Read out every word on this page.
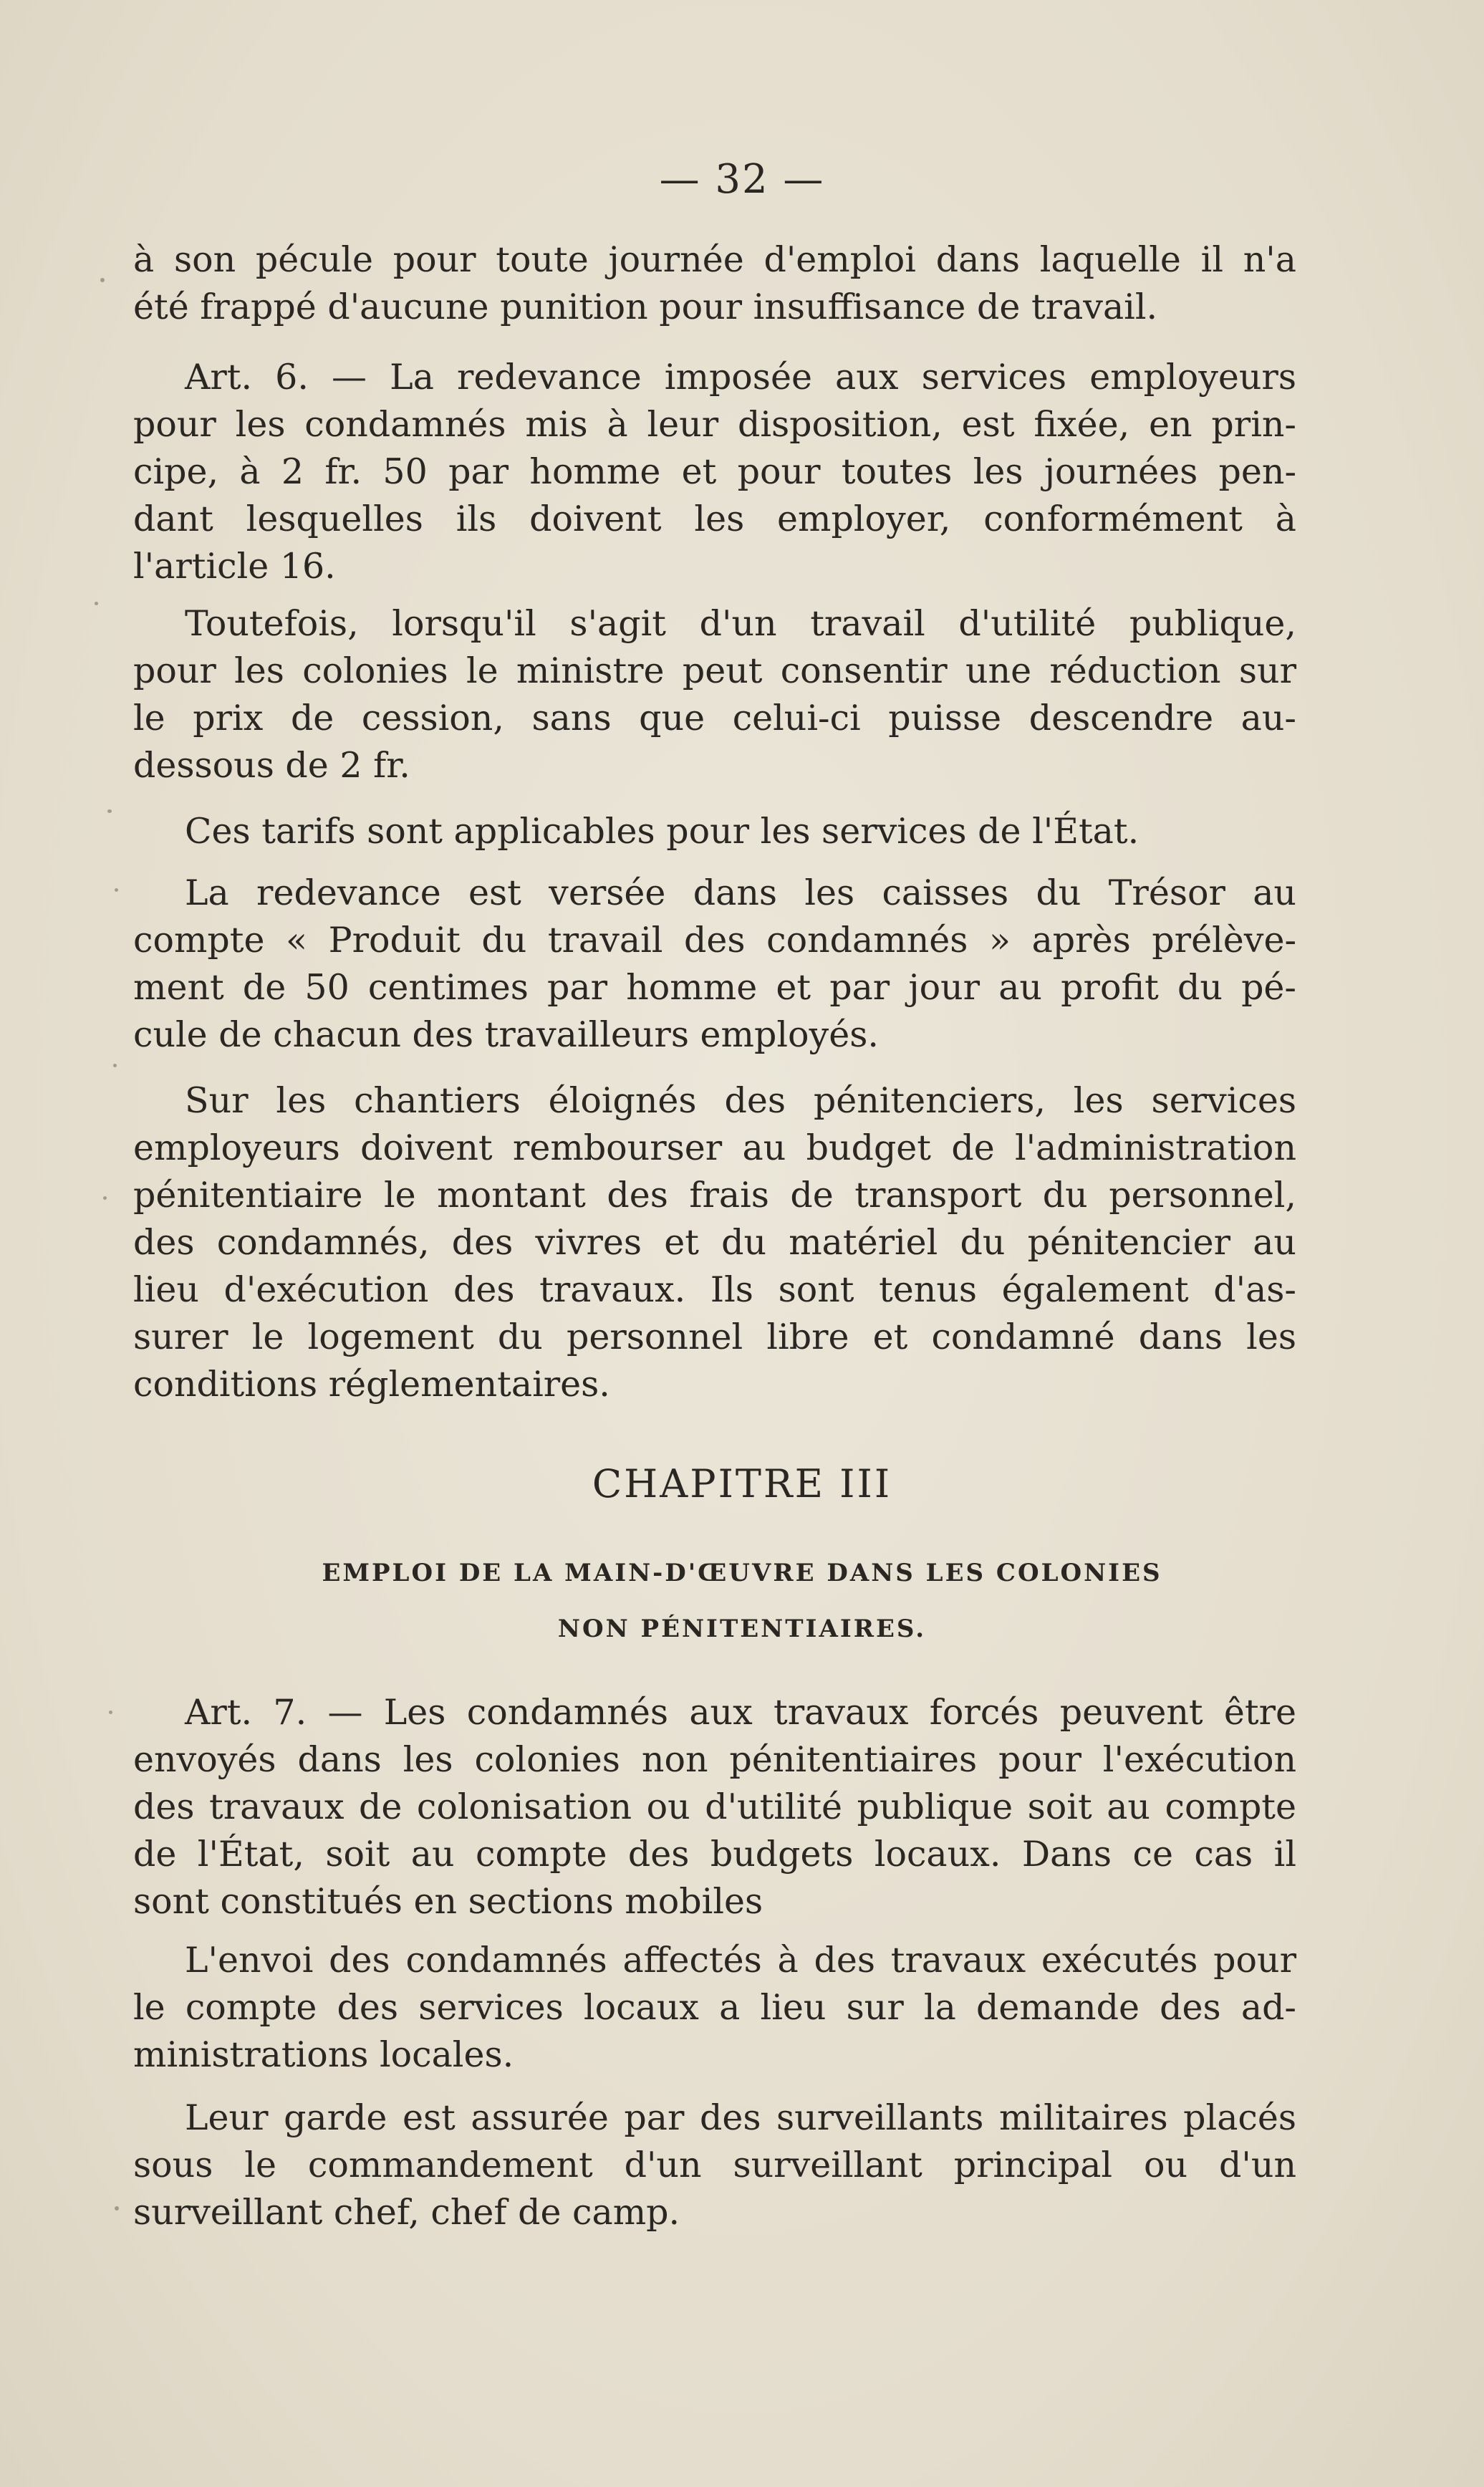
— 32 —
à son pécule pour toute journée d'emploi dans laquelle il n'a
été frappé d'aucune punition pour insuffisance de travail.
Art. 6. — La redevance imposée aux services employeurs
pour les condamnés mis à leur disposition, est fixée, en prin-
cipe, à 2 fr. 50 par homme et pour toutes les journées pen-
dant lesquelles ils doivent les employer, conformément à
l'article 16.
Toutefois, lorsqu'il s'agit d'un travail d'utilité publique,
pour les colonies le ministre peut consentir une réduction sur
le prix de cession, sans que celui-ci puisse descendre au-
dessous de 2 fr.
Ces tarifs sont applicables pour les services de l'État.
La redevance est versée dans les caisses du Trésor au
compte « Produit du travail des condamnés » après prélève-
ment de 50 centimes par homme et par jour au profit du pé-
cule de chacun des travailleurs employés.
Sur les chantiers éloignés des pénitenciers, les services
employeurs doivent rembourser au budget de l'administration
pénitentiaire le montant des frais de transport du personnel,
des condamnés, des vivres et du matériel du pénitencier au
lieu d'exécution des travaux. Ils sont tenus également d'as-
surer le logement du personnel libre et condamné dans les
conditions réglementaires.
CHAPITRE III
EMPLOI DE LA MAIN-D'ŒUVRE DANS LES COLONIES
NON PÉNITENTIAIRES.
Art. 7. — Les condamnés aux travaux forcés peuvent être
envoyés dans les colonies non pénitentiaires pour l'exécution
des travaux de colonisation ou d'utilité publique soit au compte
de l'État, soit au compte des budgets locaux. Dans ce cas il
sont constitués en sections mobiles
L'envoi des condamnés affectés à des travaux exécutés pour
le compte des services locaux a lieu sur la demande des ad-
ministrations locales.
Leur garde est assurée par des surveillants militaires placés
sous le commandement d'un surveillant principal ou d'un
surveillant chef, chef de camp.
